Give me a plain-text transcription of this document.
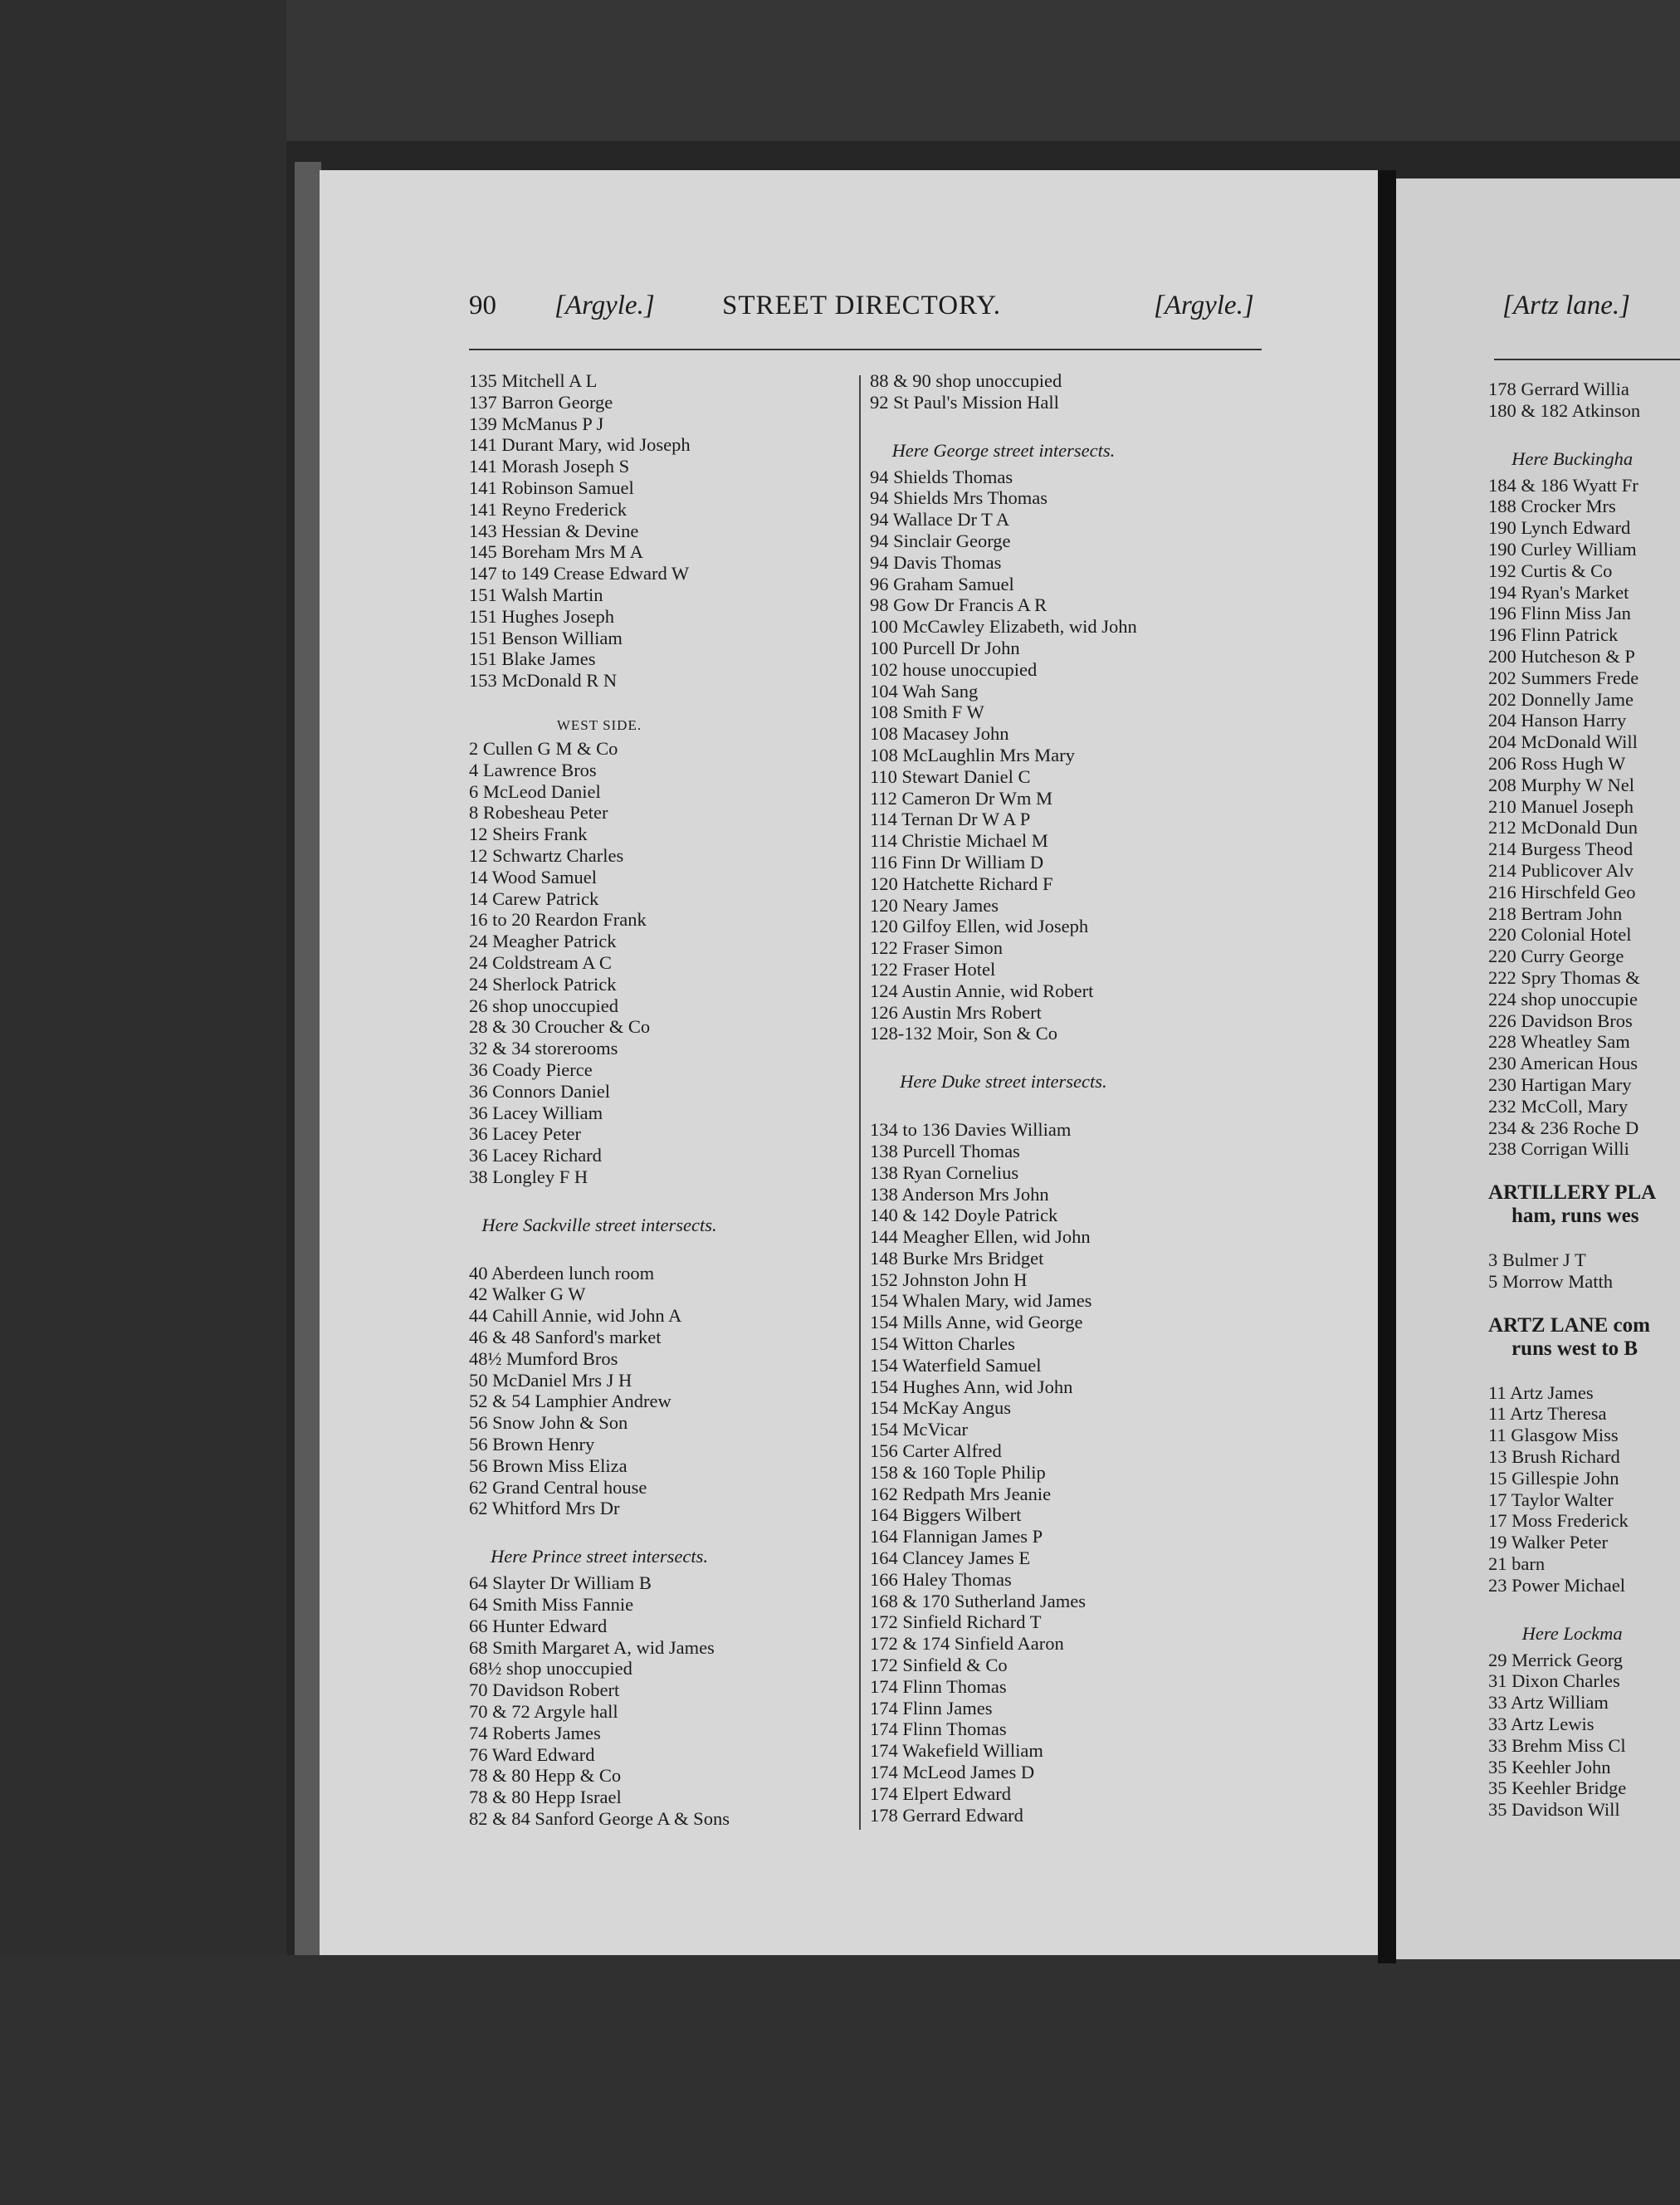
90 [Argyle.] STREET DIRECTORY.	[Argyle.]	[Artz lane.]
135 Mitchell A L
137 Barron George
139 McManus P J
141 Durant Mary, wid Joseph
141 Morash Joseph S
141 Robinson Samuel
141 Reyno Frederick
143 Hessian & Devine
145 Boreham Mrs M A
147 to 149 Crease Edward W
151 Walsh Martin
151 Hughes Joseph
151 Benson William
151 Blake James
153 McDonald R N
WEST SIDE.
2 Cullen G M & Co
4 Lawrence Bros
6 McLeod Daniel
8 Robesheau Peter
12 Sheirs Frank
12 Schwartz Charles
14 Wood Samuel
14 Carew Patrick
16 to 20 Reardon Frank
24 Meagher Patrick
24 Coldstream A C
24 Sherlock Patrick
26 shop unoccupied
28 & 30 Croucher & Co
32 & 34 storerooms
36 Coady Pierce
36 Connors Daniel
36 Lacey William
36 Lacey Peter
36 Lacey Richard
38 Longley F H
Here Sackville street intersects.
40 Aberdeen lunch room
42 Walker G W
44 Cahill Annie, wid John A
46 & 48 Sanford's market
48½ Mumford Bros
50 McDaniel Mrs J H
52 & 54 Lamphier Andrew
56 Snow John & Son
56 Brown Henry
56 Brown Miss Eliza
62 Grand Central house
62 Whitford Mrs Dr
Here Prince street intersects.
64 Slayter Dr William B
64 Smith Miss Fannie
66 Hunter Edward
68 Smith Margaret A, wid James
68½ shop unoccupied
70 Davidson Robert
70 & 72 Argyle hall
74 Roberts James
76 Ward Edward
78 & 80 Hepp & Co
78 & 80 Hepp Israel
82 & 84 Sanford George A & Sons
88 & 90 shop unoccupied
92 St Paul's Mission Hall
Here George street intersects.
94 Shields Thomas
94 Shields Mrs Thomas
94 Wallace Dr T A
94 Sinclair George
94 Davis Thomas
96 Graham Samuel
98 Gow Dr Francis A R
100 McCawley Elizabeth, wid John
100 Purcell Dr John
102 house unoccupied
104 Wah Sang
108 Smith F W
108 Macasey John
108 McLaughlin Mrs Mary
110 Stewart Daniel C
112 Cameron Dr Wm M
114 Ternan Dr W A P
114 Christie Michael M
116 Finn Dr William D
120 Hatchette Richard F
120 Neary James
120 Gilfoy Ellen, wid Joseph
122 Fraser Simon
122 Fraser Hotel
124 Austin Annie, wid Robert
126 Austin Mrs Robert
128-132 Moir, Son & Co
Here Duke street intersects.
134 to 136 Davies William
138 Purcell Thomas
138 Ryan Cornelius
138 Anderson Mrs John
140 & 142 Doyle Patrick
144 Meagher Ellen, wid John
148 Burke Mrs Bridget
152 Johnston John H
154 Whalen Mary, wid James
154 Mills Anne, wid George
154 Witton Charles
154 Waterfield Samuel
154 Hughes Ann, wid John
154 McKay Angus
154 McVicar
156 Carter Alfred
158 & 160 Tople Philip
162 Redpath Mrs Jeanie
164 Biggers Wilbert
164 Flannigan James P
164 Clancey James E
166 Haley Thomas
168 & 170 Sutherland James
172 Sinfield Richard T
172 & 174 Sinfield Aaron
172 Sinfield & Co
174 Flinn Thomas
174 Flinn James
174 Flinn Thomas
174 Wakefield William
174 McLeod James D
174 Elpert Edward
178 Gerrard Edward
178 Gerrard Willia
180 & 182 Atkinson
Here Buckingha
184 & 186 Wyatt Fr
188 Crocker Mrs
190 Lynch Edward
190 Curley William
192 Curtis & Co
194 Ryan's Market
196 Flinn Miss Jan
196 Flinn Patrick
200 Hutcheson & P
202 Summers Frede
202 Donnelly Jame
204 Hanson Harry
204 McDonald Will
206 Ross Hugh W
208 Murphy W Nel
210 Manuel Joseph
212 McDonald Dun
214 Burgess Theod
214 Publicover Alv
216 Hirschfeld Geo
218 Bertram John
220 Colonial Hotel
220 Curry George
222 Spry Thomas &
224 shop unoccupie
226 Davidson Bros
228 Wheatley Sam
230 American Hous
230 Hartigan Mary
232 McColl, Mary
234 & 236 Roche D
238 Corrigan Willi
ARTILLERY PLA
ham, runs wes
3 Bulmer J T
5 Morrow Matth
ARTZ LANE com
runs west to B
11 Artz James
11 Artz Theresa
11 Glasgow Miss
13 Brush Richard
15 Gillespie John
17 Taylor Walter
17 Moss Frederick
19 Walker Peter
21 barn
23 Power Michael
Here Lockma
29 Merrick Georg
31 Dixon Charles
33 Artz William
33 Artz Lewis
33 Brehm Miss Cl
35 Keehler John
35 Keehler Bridge
35 Davidson Will
